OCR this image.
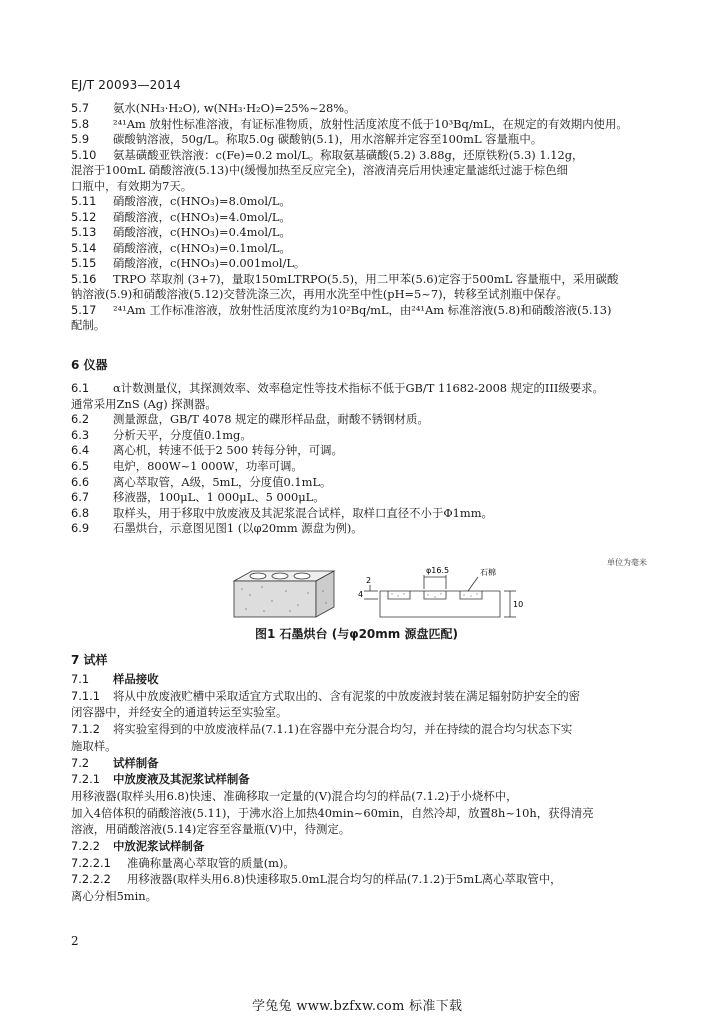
EJ/T 20093—2014
5.7 氨水(NH₃·H₂O), w(NH₃·H₂O)=25%~28%。
5.8 ²⁴¹Am 放射性标准溶液，有证标准物质，放射性活度浓度不低于10³Bq/mL，在规定的有效期内使用。
5.9 碳酸钠溶液，50g/L。称取5.0g 碳酸钠(5.1)，用水溶解并定容至100mL 容量瓶中。
5.10 氨基磺酸亚铁溶液：c(Fe)=0.2 mol/L。称取氨基磺酸(5.2) 3.88g，还原铁粉(5.3) 1.12g，
混溶于100mL 硝酸溶液(5.13)中(缓慢加热至反应完全)，溶液清亮后用快速定量滤纸过滤于棕色细
口瓶中，有效期为7天。
5.11 硝酸溶液，c(HNO₃)=8.0mol/L。
5.12 硝酸溶液，c(HNO₃)=4.0mol/L。
5.13 硝酸溶液，c(HNO₃)=0.4mol/L。
5.14 硝酸溶液，c(HNO₃)=0.1mol/L。
5.15 硝酸溶液，c(HNO₃)=0.001mol/L。
5.16 TRPO 萃取剂 (3+7)，量取150mLTRPO(5.5)，用二甲苯(5.6)定容于500mL 容量瓶中，采用碳酸
钠溶液(5.9)和硝酸溶液(5.12)交替洗涤三次，再用水洗至中性(pH=5~7)，转移至试剂瓶中保存。
5.17 ²⁴¹Am 工作标准溶液，放射性活度浓度约为10²Bq/mL，由²⁴¹Am 标准溶液(5.8)和硝酸溶液(5.13)
配制。
6 仪器
6.1 α计数测量仪，其探测效率、效率稳定性等技术指标不低于GB/T 11682-2008 规定的III级要求。
通常采用ZnS (Ag) 探测器。
6.2 测量源盘，GB/T 4078 规定的碟形样品盘，耐酸不锈钢材质。
6.3 分析天平，分度值0.1mg。
6.4 离心机，转速不低于2 500 转每分钟，可调。
6.5 电炉，800W~1 000W，功率可调。
6.6 离心萃取管，A级，5mL，分度值0.1mL。
6.7 移液器，100μL、1 000μL、5 000μL。
6.8 取样头，用于移取中放废液及其泥浆混合试样，取样口直径不小于Φ1mm。
6.9 石墨烘台，示意图见图1 (以φ20mm 源盘为例)。
7 试样
7.1 样品接收
7.1.1 将从中放废液贮槽中采取适宜方式取出的、含有泥浆的中放废液封装在满足辐射防护安全的密
闭容器中，并经安全的通道转运至实验室。
7.1.2 将实验室得到的中放废液样品(7.1.1)在容器中充分混合均匀，并在持续的混合均匀状态下实
施取样。
7.2 试样制备
7.2.1 中放废液及其泥浆试样制备
用移液器(取样头用6.8)快速、准确移取一定量的(V)混合均匀的样品(7.1.2)于小烧杯中，
加入4倍体积的硝酸溶液(5.11)，于沸水浴上加热40min~60min，自然冷却，放置8h~10h，获得清亮
溶液，用硝酸溶液(5.14)定容至容量瓶(V)中，待测定。
7.2.2 中放泥浆试样制备
7.2.2.1 准确称量离心萃取管的质量(m)。
7.2.2.2 用移液器(取样头用6.8)快速移取5.0mL混合均匀的样品(7.1.2)于5mL离心萃取管中，
离心分相5min。
单位为毫米
φ16.5	石棉
2
4
10
图1 石墨烘台 (与φ20mm 源盘匹配)
2
学兔兔 www.bzfxw.com 标准下载
